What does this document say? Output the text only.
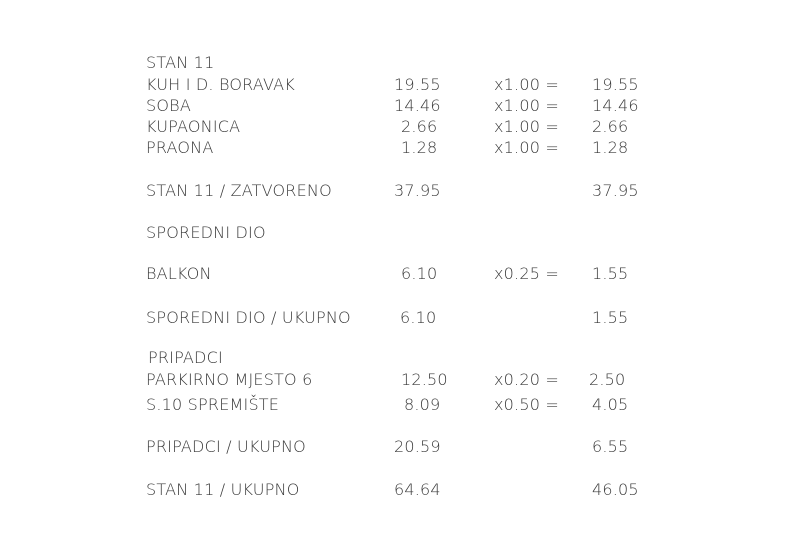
STAN 11
KUH I D. BORAVAK	19.55	x1.00 = 19.55
SOBA	14.46	x1.00 = 14.46
KUPAONICA	2.66	x1.00 = 2.66
PRAONA	1.28	x1.00 = 1.28
STAN 11 / ZATVORENO	37.95	37.95
SPOREDNI DIO
BALKON	6.10	x0.25 = 1.55
SPOREDNI DIO / UKUPNO	6.10	1.55
PRIPADCI
PARKIRNO MJESTO 6	12.50	x0.20 = 2.50
S.10 SPREMIŠTE	8.09	x0.50 = 4.05
PRIPADCI / UKUPNO	20.59	6.55
STAN 11 / UKUPNO	64.64	46.05
